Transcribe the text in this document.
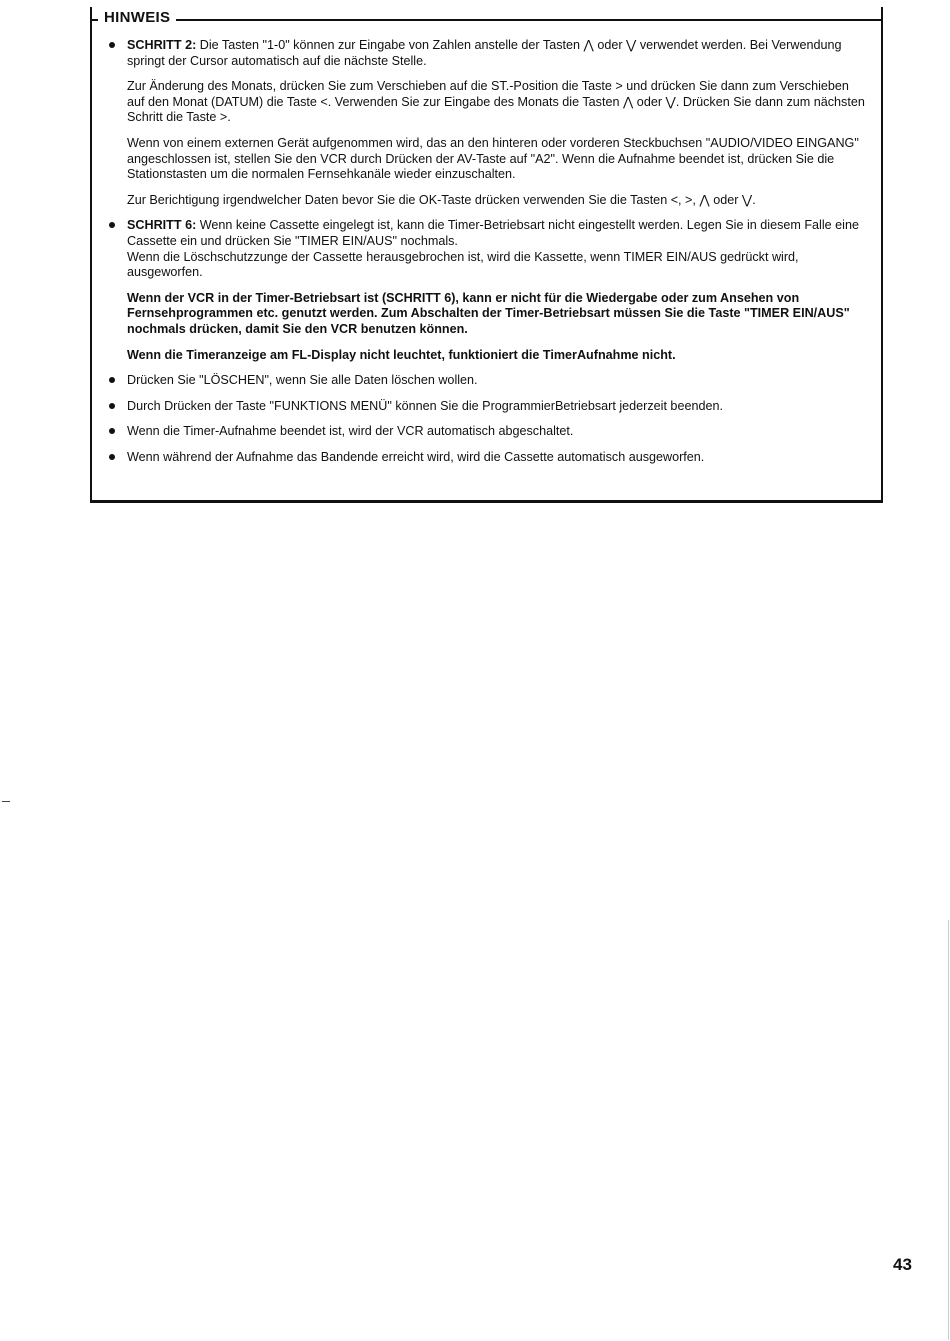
HINWEIS

SCHRITT 2: Die Tasten "1-0" können zur Eingabe von Zahlen anstelle der Tasten ⋀ oder ⋁ verwendet werden. Bei Verwendung springt der Cursor automatisch auf die nächste Stelle.

Zur Änderung des Monats, drücken Sie zum Verschieben auf die ST.-Position die Taste > und drücken Sie dann zum Verschieben auf den Monat (DATUM) die Taste <. Verwenden Sie zur Eingabe des Monats die Tasten ⋀ oder ⋁. Drücken Sie dann zum nächsten Schritt die Taste >.

Wenn von einem externen Gerät aufgenommen wird, das an den hinteren oder vorderen Steckbuchsen "AUDIO/VIDEO EINGANG" angeschlossen ist, stellen Sie den VCR durch Drücken der AV-Taste auf "A2". Wenn die Aufnahme beendet ist, drücken Sie die Stationstasten um die normalen Fernsehkanäle wieder einzuschalten.

Zur Berichtigung irgendwelcher Daten bevor Sie die OK-Taste drücken verwenden Sie die Tasten <, >, ⋀ oder ⋁.

SCHRITT 6: Wenn keine Cassette eingelegt ist, kann die Timer-Betriebsart nicht eingestellt werden. Legen Sie in diesem Falle eine Cassette ein und drücken Sie "TIMER EIN/AUS" nochmals.
Wenn die Löschschutzzunge der Cassette herausgebrochen ist, wird die Kassette, wenn TIMER EIN/AUS gedrückt wird, ausgeworfen.

Wenn der VCR in der Timer-Betriebsart ist (SCHRITT 6), kann er nicht für die Wiedergabe oder zum Ansehen von Fernsehprogrammen etc. genutzt werden. Zum Abschalten der Timer-Betriebsart müssen Sie die Taste "TIMER EIN/AUS" nochmals drücken, damit Sie den VCR benutzen können.

Wenn die Timeranzeige am FL-Display nicht leuchtet, funktioniert die TimerAufnahme nicht.

Drücken Sie "LÖSCHEN", wenn Sie alle Daten löschen wollen.
Durch Drücken der Taste "FUNKTIONS MENÜ" können Sie die ProgrammierBetriebsart jederzeit beenden.
Wenn die Timer-Aufnahme beendet ist, wird der VCR automatisch abgeschaltet.
Wenn während der Aufnahme das Bandende erreicht wird, wird die Cassette automatisch ausgeworfen.
43
